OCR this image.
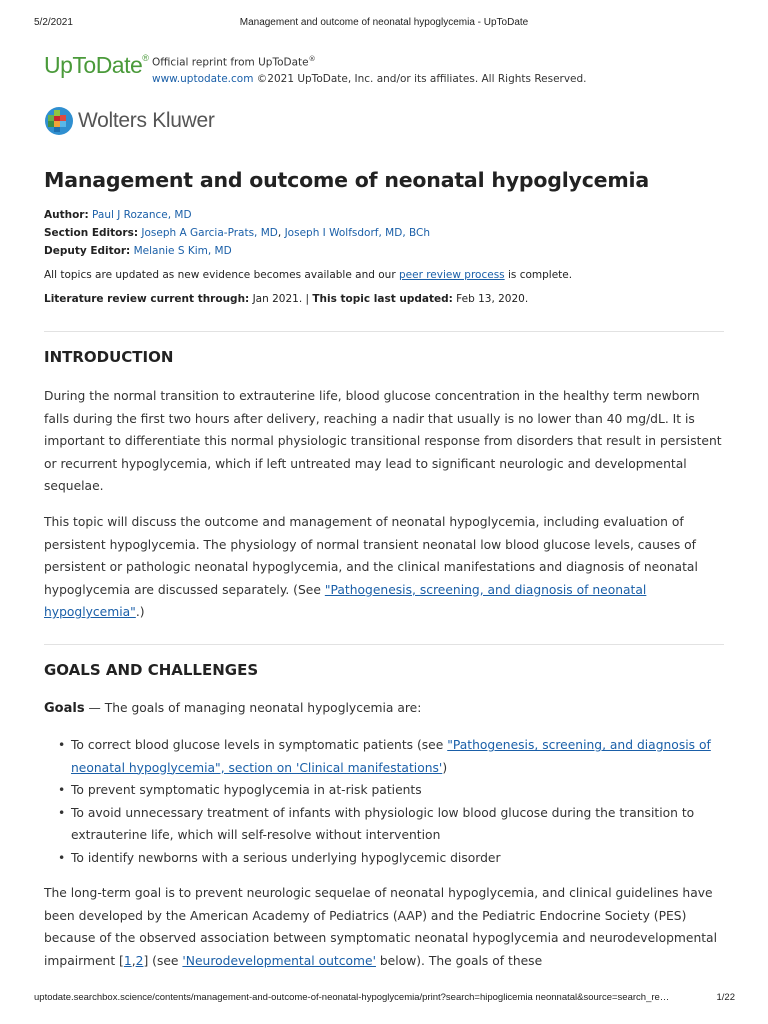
5/2/2021	Management and outcome of neonatal hypoglycemia - UpToDate
UpToDate® Official reprint from UpToDate®
www.uptodate.com ©2021 UpToDate, Inc. and/or its affiliates. All Rights Reserved.
Wolters Kluwer
Management and outcome of neonatal hypoglycemia
Author: Paul J Rozance, MD
Section Editors: Joseph A Garcia-Prats, MD, Joseph I Wolfsdorf, MD, BCh
Deputy Editor: Melanie S Kim, MD
All topics are updated as new evidence becomes available and our peer review process is complete.
Literature review current through: Jan 2021. | This topic last updated: Feb 13, 2020.
INTRODUCTION

During the normal transition to extrauterine life, blood glucose concentration in the healthy term newborn falls during the first two hours after delivery, reaching a nadir that usually is no lower than 40 mg/dL. It is important to differentiate this normal physiologic transitional response from disorders that result in persistent or recurrent hypoglycemia, which if left untreated may lead to significant neurologic and developmental sequelae.

This topic will discuss the outcome and management of neonatal hypoglycemia, including evaluation of persistent hypoglycemia. The physiology of normal transient neonatal low blood glucose levels, causes of persistent or pathologic neonatal hypoglycemia, and the clinical manifestations and diagnosis of neonatal hypoglycemia are discussed separately. (See "Pathogenesis, screening, and diagnosis of neonatal hypoglycemia".)

GOALS AND CHALLENGES

Goals — The goals of managing neonatal hypoglycemia are:

• To correct blood glucose levels in symptomatic patients (see "Pathogenesis, screening, and diagnosis of neonatal hypoglycemia", section on 'Clinical manifestations')
• To prevent symptomatic hypoglycemia in at-risk patients
• To avoid unnecessary treatment of infants with physiologic low blood glucose during the transition to extrauterine life, which will self-resolve without intervention
• To identify newborns with a serious underlying hypoglycemic disorder

The long-term goal is to prevent neurologic sequelae of neonatal hypoglycemia, and clinical guidelines have been developed by the American Academy of Pediatrics (AAP) and the Pediatric Endocrine Society (PES) because of the observed association between symptomatic neonatal hypoglycemia and neurodevelopmental impairment [1,2] (see 'Neurodevelopmental outcome' below). The goals of these

uptodate.searchbox.science/contents/management-and-outcome-of-neonatal-hypoglycemia/print?search=hipoglicemia neonnatal&source=search_re…	1/22
